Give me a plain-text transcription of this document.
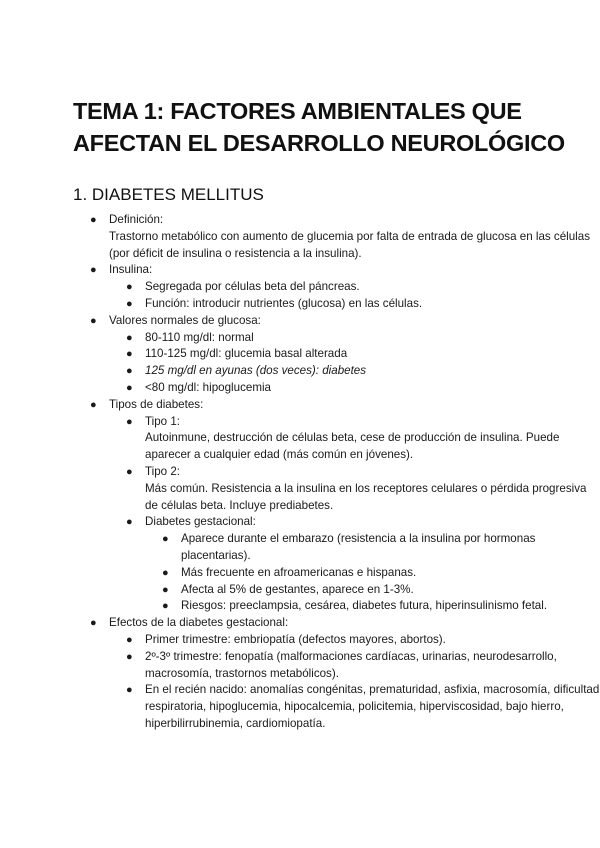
TEMA 1: FACTORES AMBIENTALES QUE AFECTAN EL DESARROLLO NEUROLÓGICO
1. DIABETES MELLITUS
● Definición:
Trastorno metabólico con aumento de glucemia por falta de entrada de glucosa en las células (por déficit de insulina o resistencia a la insulina).
● Insulina:
● Segregada por células beta del páncreas.
● Función: introducir nutrientes (glucosa) en las células.
● Valores normales de glucosa:
● 80-110 mg/dl: normal
● 110-125 mg/dl: glucemia basal alterada
● 125 mg/dl en ayunas (dos veces): diabetes
● <80 mg/dl: hipoglucemia
● Tipos de diabetes:
● Tipo 1:
Autoinmune, destrucción de células beta, cese de producción de insulina. Puede aparecer a cualquier edad (más común en jóvenes).
● Tipo 2:
Más común. Resistencia a la insulina en los receptores celulares o pérdida progresiva de células beta. Incluye prediabetes.
● Diabetes gestacional:
● Aparece durante el embarazo (resistencia a la insulina por hormonas placentarias).
● Más frecuente en afroamericanas e hispanas.
● Afecta al 5% de gestantes, aparece en 1-3%.
● Riesgos: preeclampsia, cesárea, diabetes futura, hiperinsulinismo fetal.
● Efectos de la diabetes gestacional:
● Primer trimestre: embriopatía (defectos mayores, abortos).
● 2º-3º trimestre: fenopatía (malformaciones cardíacas, urinarias, neurodesarrollo, macrosomía, trastornos metabólicos).
● En el recién nacido: anomalías congénitas, prematuridad, asfixia, macrosomía, dificultad respiratoria, hipoglucemia, hipocalcemia, policitemia, hiperviscosidad, bajo hierro, hiperbilirrubinemia, cardiomiopatía.
